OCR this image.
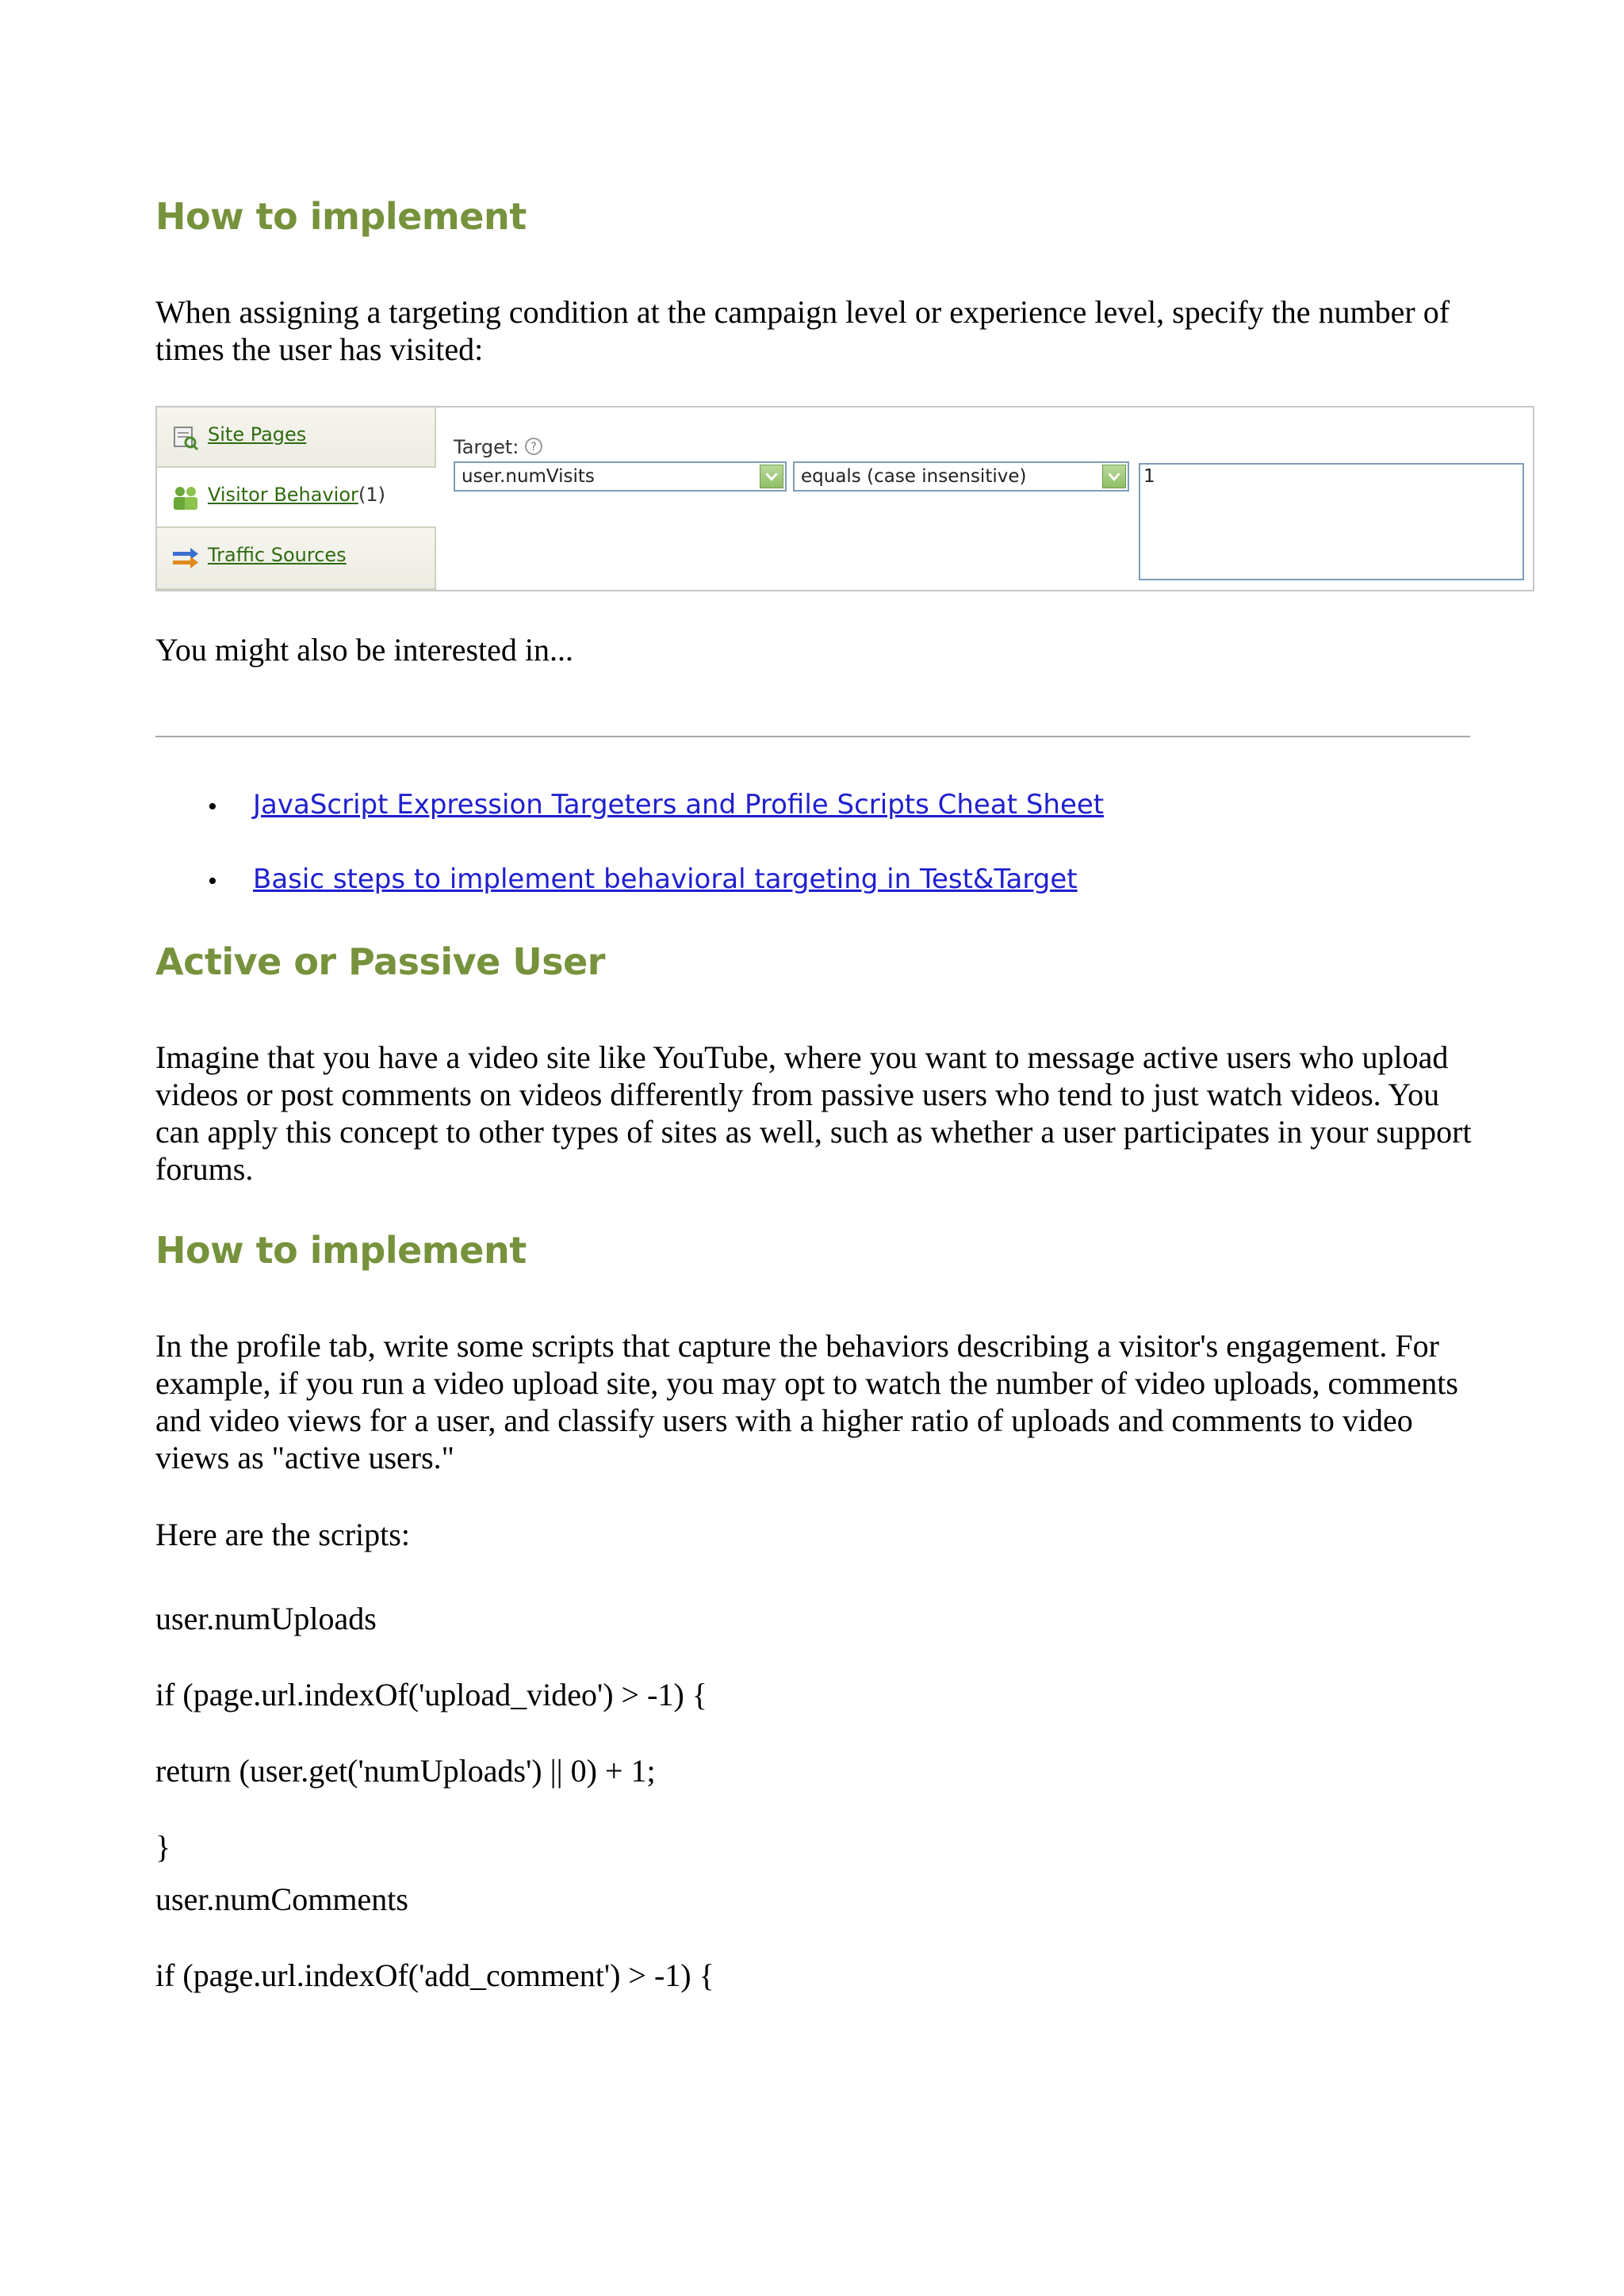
How to implement

When assigning a targeting condition at the campaign level or experience level, specify the number of times the user has visited:

Site Pages
Visitor Behavior (1)
Traffic Sources
Target: ?
user.numVisits	equals (case insensitive)	1

You might also be interested in...

• JavaScript Expression Targeters and Profile Scripts Cheat Sheet
• Basic steps to implement behavioral targeting in Test&Target
Active or Passive User

Imagine that you have a video site like YouTube, where you want to message active users who upload videos or post comments on videos differently from passive users who tend to just watch videos. You can apply this concept to other types of sites as well, such as whether a user participates in your support forums.

How to implement

In the profile tab, write some scripts that capture the behaviors describing a visitor's engagement. For example, if you run a video upload site, you may opt to watch the number of video uploads, comments and video views for a user, and classify users with a higher ratio of uploads and comments to video views as "active users."

Here are the scripts:

user.numUploads
if (page.url.indexOf('upload_video') > -1) {
return (user.get('numUploads') || 0) + 1;
}
user.numComments
if (page.url.indexOf('add_comment') > -1) {
